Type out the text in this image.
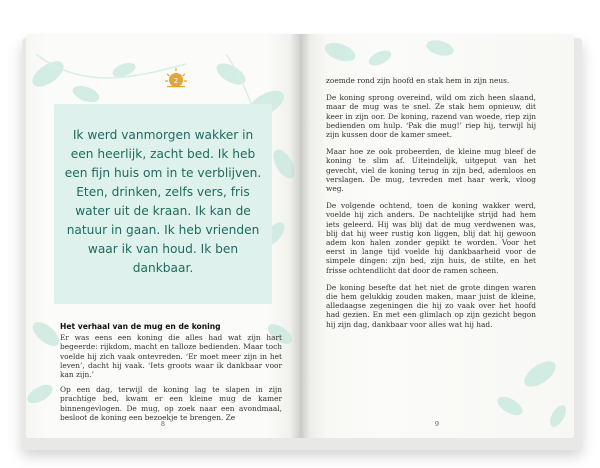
2
Ik werd vanmorgen wakker in een heerlijk, zacht bed. Ik heb een fijn huis om in te verblijven. Eten, drinken, zelfs vers, fris water uit de kraan. Ik kan de natuur in gaan. Ik heb vrienden waar ik van houd. Ik ben dankbaar.
Het verhaal van de mug en de koning

Er was eens een koning die alles had wat zijn hart begeerde: rijkdom, macht en talloze bedienden. Maar toch voelde hij zich vaak ontevreden. ‘Er moet meer zijn in het leven’, dacht hij vaak. ‘Iets groots waar ik dankbaar voor kan zijn.’

Op een dag, terwijl de koning lag te slapen in zijn prachtige bed, kwam er een kleine mug de kamer binnengevlogen. De mug, op zoek naar een avondmaal, besloot de koning een bezoekje te brengen. Ze

8

zoemde rond zijn hoofd en stak hem in zijn neus.

De koning sprong overeind, wild om zich heen slaand, maar de mug was te snel. Ze stak hem opnieuw, dit keer in zijn oor. De koning, razend van woede, riep zijn bedienden om hulp. ‘Pak die mug!’ riep hij, terwijl hij zijn kussen door de kamer smeet.

Maar hoe ze ook probeerden, de kleine mug bleef de koning te slim af. Uiteindelijk, uitgeput van het gevecht, viel de koning terug in zijn bed, ademloos en verslagen. De mug, tevreden met haar werk, vloog weg.

De volgende ochtend, toen de koning wakker werd, voelde hij zich anders. De nachtelijke strijd had hem iets geleerd. Hij was blij dat de mug verdwenen was, blij dat hij weer rustig kon liggen, blij dat hij gewoon adem kon halen zonder gepikt te worden. Voor het eerst in lange tijd voelde hij dankbaarheid voor de simpele dingen: zijn bed, zijn huis, de stilte, en het frisse ochtendlicht dat door de ramen scheen.

De koning besefte dat het niet de grote dingen waren die hem gelukkig zouden maken, maar juist de kleine, alledaagse zegeningen die hij zo vaak over het hoofd had gezien. En met een glimlach op zijn gezicht begon hij zijn dag, dankbaar voor alles wat hij had.

9
